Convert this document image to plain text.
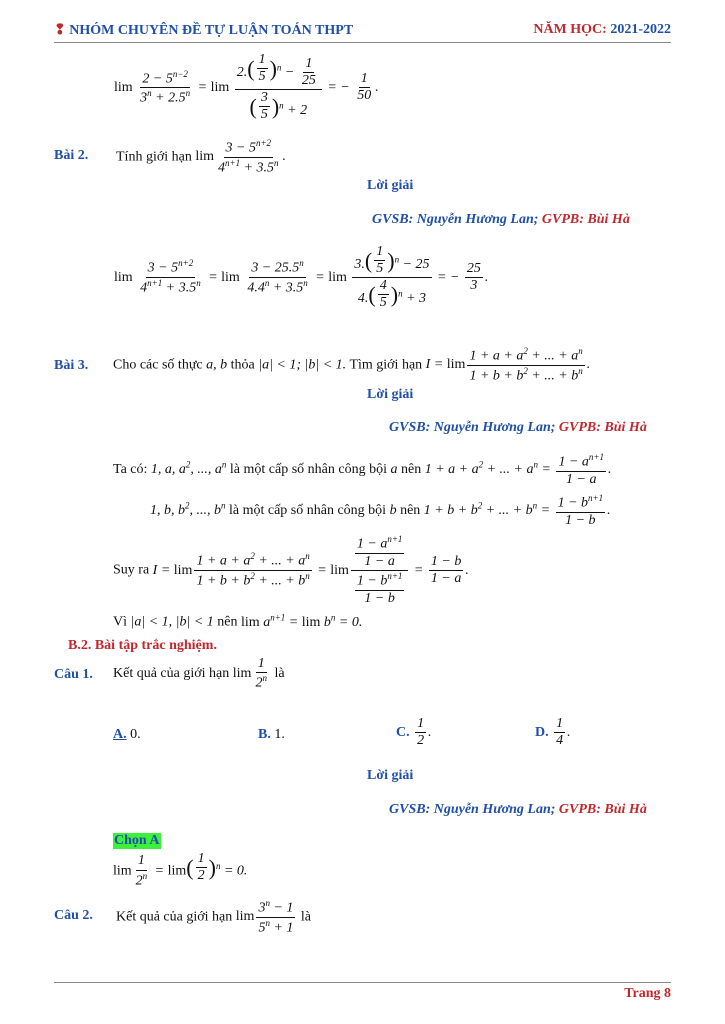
❢ NHÓM CHUYÊN ĐỀ TỰ LUẬN TOÁN THPT	NĂM HỌC: 2021-2022
$\lim \frac{2 - 5^{n-2}}{3^n + 2.5^n} = \lim \frac{2. ( \frac{1}{5} ) ^n - \frac{1}{25}}{( \frac{3}{5} ) ^n + 2}$ = − $\frac{1}{50}$ .
Bài 2. Tính giới hạn $\lim \frac{3 - 5^{n+2}}{4^{n+1} + 3.5^n}$ .
Lời giải
GVSB: Nguyễn Hương Lan; GVPB: Bùi Hà
$\lim \frac{3 - 5^{n+2}}{4^{n+1} + 3.5^n} = \lim \frac{3 - 25.5^n}{4.4^n + 3.5^n} = \lim \frac{3. ( \frac{1}{5} ) ^n - 25}{4. ( \frac{4}{5} ) ^n + 3}$ = − $\frac{25}{3}$ .
Bài 3. Cho các số thực a, b thỏa |a| < 1; |b| < 1. Tìm giới hạn $I = \lim \frac{1 + a + a^2 + ... + a^n}{1 + b + b^2 + ... + b^n}$ .
Lời giải
GVSB: Nguyễn Hương Lan; GVPB: Bùi Hà
Ta có: 1, a, $a^2$, ..., $a^n$ là một cấp số nhân công bội a nên $1 + a + a^2$ + ... + $a^n = \frac{1 - a^{n+1}}{1 - a}$ .
1, b, $b^2$, ..., $b^n$ là một cấp số nhân công bội b nên $1 + b + b^2$ + ... + $b^n = \frac{1 - b^{n+1}}{1 - b}$ .
Suy ra $I = \lim \frac{1 + a + a^2 + ... + a^n}{1 + b + b^2 + ... + b^n} = \lim \frac{\frac{1 - a^{n+1}}{1 - a}}{\frac{1 - b^{n+1}}{1 - b}} = \frac{1 - b}{1 - a}$ .
Vì |a| < 1, |b| < 1 nên $\lim a^{n+1} = \lim b^n = 0$.
B.2. Bài tập trắc nghiệm.
Câu 1. Kết quả của giới hạn $\lim \frac{1}{2^n}$ là
A. 0.	B. 1.	C. $\frac{1}{2}$ .	D. $\frac{1}{4}$ .
Lời giải
GVSB: Nguyễn Hương Lan; GVPB: Bùi Hà
Chọn A
$\lim \frac{1}{2^n} = \lim$ ( $\frac{1}{2}$ ) $^n$ = 0.
Câu 2. Kết quả của giới hạn $\lim \frac{3^n - 1}{5^n + 1}$ là
Trang 8
